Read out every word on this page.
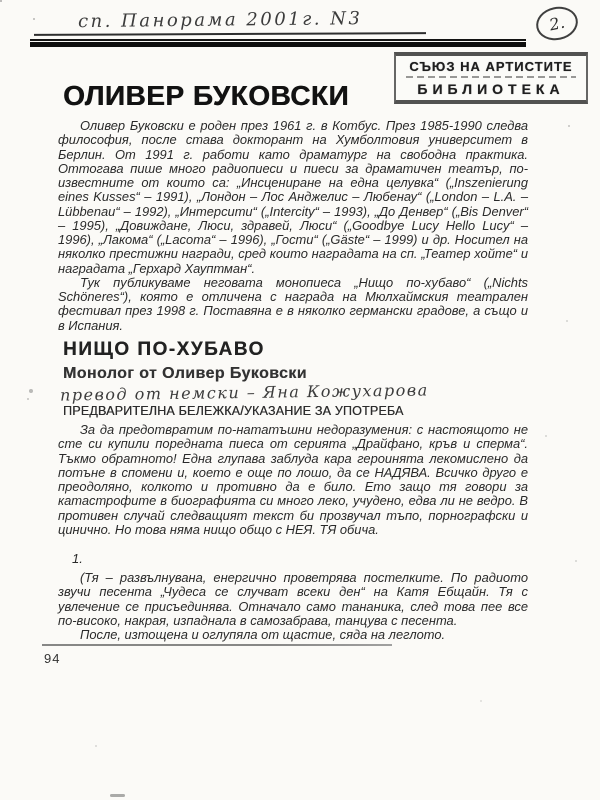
сп. Панорама 2001г. N3	2.
СЪЮЗ НА АРТИСТИТЕ
БИБЛИОТЕКА
ОЛИВЕР БУКОВСКИ

Оливер Буковски е роден през 1961 г. в Котбус. През 1985-1990 следва философия, после става докторант на Хумболтовия университет в Берлин. От 1991 г. работи като драматург на свободна практика. Оттогава пише много радиопиеси и пиеси за драматичен театър, по-известните от които са: „Инсцениране на една целувка“ („Inszenierung eines Kusses“ – 1991), „Лондон – Лос Анджелис – Любенау“ („London – L.A. – Lübbenau“ – 1992), „Интерсити“ („Intercity“ – 1993), „До Денвер“ („Bis Denver“ – 1995), „Довиждане, Люси, здравей, Люси“ („Goodbye Lucy Hello Lucy“ – 1996), „Лакома“ („Lacoma“ – 1996), „Гости“ („Gäste“ – 1999) и др. Носител на няколко престижни награди, сред които наградата на сп. „Театер хойте“ и наградата „Герхард Хауптман“.

Тук публикуваме неговата монопиеса „Нищо по-хубаво“ („Nichts Schöneres“), която е отличена с награда на Мюлхаймския театрален фестивал през 1998 г. Поставяна е в няколко германски градове, а също и в Испания.

НИЩО ПО-ХУБАВО
Монолог от Оливер Буковски
превод от немски – Яна Кожухарова
ПРЕДВАРИТЕЛНА БЕЛЕЖКА/УКАЗАНИЕ ЗА УПОТРЕБА

За да предотвратим по-нататъшни недоразумения: с настоящото не сте си купили поредната пиеса от серията „Драйфано, кръв и сперма“. Тъкмо обратното! Една глупава заблуда кара героинята лекомислено да потъне в спомени и, което е още по лошо, да се НАДЯВА. Всичко друго е преодоляно, колкото и противно да е било. Ето защо тя говори за катастрофите в биографията си много леко, учудено, едва ли не ведро. В противен случай следващият текст би прозвучал тъпо, порнографски и цинично. Но това няма нищо общо с НЕЯ. ТЯ обича.

1.

(Тя – развълнувана, енергично проветрява постелките. По радиото звучи песента „Чудеса се случват всеки ден“ на Катя Ебщайн. Тя с увлечение се присъединява. Отначало само тананика, след това пее все по-високо, накрая, изпаднала в самозабрава, танцува с песента.

После, изтощена и оглупяла от щастие, сяда на леглото.

94
